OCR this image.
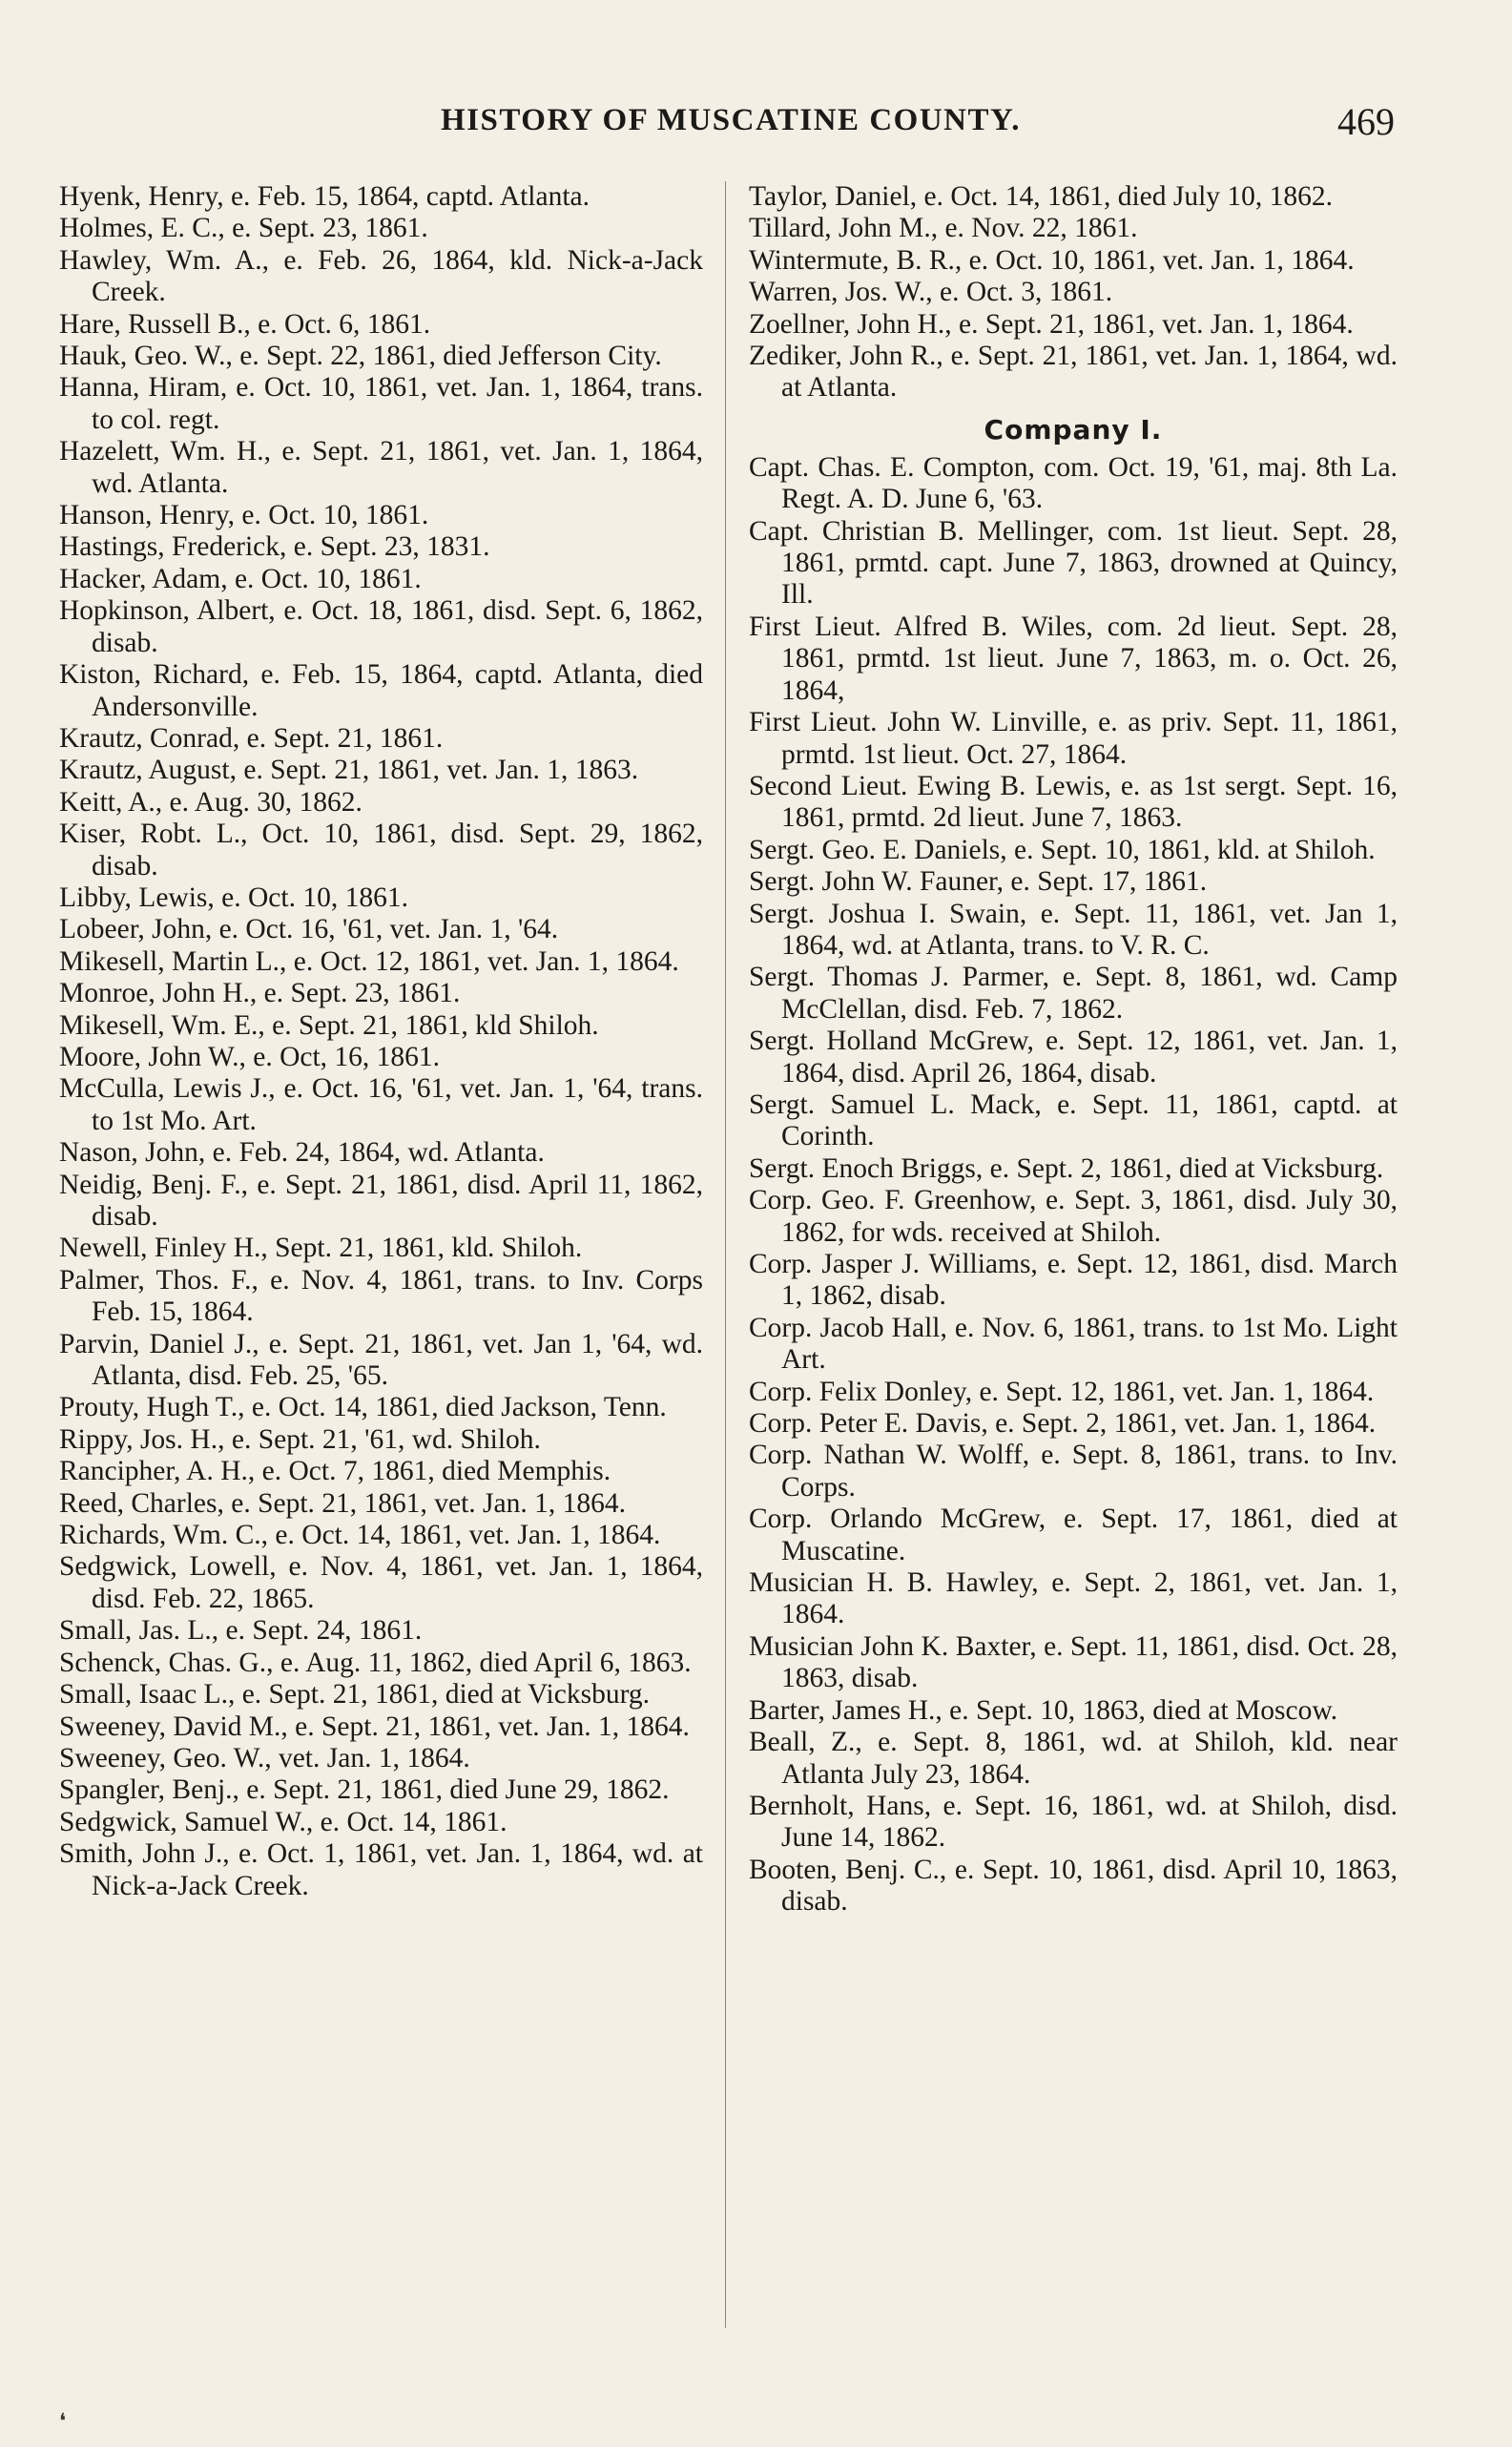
HISTORY OF MUSCATINE COUNTY.	469

Hyenk, Henry, e. Feb. 15, 1864, captd. Atlanta.

Holmes, E. C., e. Sept. 23, 1861.

Hawley, Wm. A., e. Feb. 26, 1864, kld. Nick-a-Jack Creek.

Hare, Russell B., e. Oct. 6, 1861.

Hauk, Geo. W., e. Sept. 22, 1861, died Jefferson City.

Hanna, Hiram, e. Oct. 10, 1861, vet. Jan. 1, 1864, trans. to col. regt.

Hazelett, Wm. H., e. Sept. 21, 1861, vet. Jan. 1, 1864, wd. Atlanta.

Hanson, Henry, e. Oct. 10, 1861.

Hastings, Frederick, e. Sept. 23, 1831.

Hacker, Adam, e. Oct. 10, 1861.

Hopkinson, Albert, e. Oct. 18, 1861, disd. Sept. 6, 1862, disab.

Kiston, Richard, e. Feb. 15, 1864, captd. Atlanta, died Andersonville.

Krautz, Conrad, e. Sept. 21, 1861.

Krautz, August, e. Sept. 21, 1861, vet. Jan. 1, 1863.

Keitt, A., e. Aug. 30, 1862.

Kiser, Robt. L., Oct. 10, 1861, disd. Sept. 29, 1862, disab.

Libby, Lewis, e. Oct. 10, 1861.

Lobeer, John, e. Oct. 16, '61, vet. Jan. 1, '64.

Mikesell, Martin L., e. Oct. 12, 1861, vet. Jan. 1, 1864.

Monroe, John H., e. Sept. 23, 1861.

Mikesell, Wm. E., e. Sept. 21, 1861, kld Shiloh.

Moore, John W., e. Oct, 16, 1861.

McCulla, Lewis J., e. Oct. 16, '61, vet. Jan. 1, '64, trans. to 1st Mo. Art.

Nason, John, e. Feb. 24, 1864, wd. Atlanta.

Neidig, Benj. F., e. Sept. 21, 1861, disd. April 11, 1862, disab.

Newell, Finley H., Sept. 21, 1861, kld. Shiloh.

Palmer, Thos. F., e. Nov. 4, 1861, trans. to Inv. Corps Feb. 15, 1864.

Parvin, Daniel J., e. Sept. 21, 1861, vet. Jan 1, '64, wd. Atlanta, disd. Feb. 25, '65.

Prouty, Hugh T., e. Oct. 14, 1861, died Jackson, Tenn.

Rippy, Jos. H., e. Sept. 21, '61, wd. Shiloh.

Rancipher, A. H., e. Oct. 7, 1861, died Memphis.

Reed, Charles, e. Sept. 21, 1861, vet. Jan. 1, 1864.

Richards, Wm. C., e. Oct. 14, 1861, vet. Jan. 1, 1864.

Sedgwick, Lowell, e. Nov. 4, 1861, vet. Jan. 1, 1864, disd. Feb. 22, 1865.

Small, Jas. L., e. Sept. 24, 1861.

Schenck, Chas. G., e. Aug. 11, 1862, died April 6, 1863.

Small, Isaac L., e. Sept. 21, 1861, died at Vicksburg.

Sweeney, David M., e. Sept. 21, 1861, vet. Jan. 1, 1864.

Sweeney, Geo. W., vet. Jan. 1, 1864.

Spangler, Benj., e. Sept. 21, 1861, died June 29, 1862.

Sedgwick, Samuel W., e. Oct. 14, 1861.

Smith, John J., e. Oct. 1, 1861, vet. Jan. 1, 1864, wd. at Nick-a-Jack Creek.

Taylor, Daniel, e. Oct. 14, 1861, died July 10, 1862.

Tillard, John M., e. Nov. 22, 1861.

Wintermute, B. R., e. Oct. 10, 1861, vet. Jan. 1, 1864.

Warren, Jos. W., e. Oct. 3, 1861.

Zoellner, John H., e. Sept. 21, 1861, vet. Jan. 1, 1864.

Zediker, John R., e. Sept. 21, 1861, vet. Jan. 1, 1864, wd. at Atlanta.

Company I.

Capt. Chas. E. Compton, com. Oct. 19, '61, maj. 8th La. Regt. A. D. June 6, '63.

Capt. Christian B. Mellinger, com. 1st lieut. Sept. 28, 1861, prmtd. capt. June 7, 1863, drowned at Quincy, Ill.

First Lieut. Alfred B. Wiles, com. 2d lieut. Sept. 28, 1861, prmtd. 1st lieut. June 7, 1863, m. o. Oct. 26, 1864,

First Lieut. John W. Linville, e. as priv. Sept. 11, 1861, prmtd. 1st lieut. Oct. 27, 1864.

Second Lieut. Ewing B. Lewis, e. as 1st sergt. Sept. 16, 1861, prmtd. 2d lieut. June 7, 1863.

Sergt. Geo. E. Daniels, e. Sept. 10, 1861, kld. at Shiloh.

Sergt. John W. Fauner, e. Sept. 17, 1861.

Sergt. Joshua I. Swain, e. Sept. 11, 1861, vet. Jan 1, 1864, wd. at Atlanta, trans. to V. R. C.

Sergt. Thomas J. Parmer, e. Sept. 8, 1861, wd. Camp McClellan, disd. Feb. 7, 1862.

Sergt. Holland McGrew, e. Sept. 12, 1861, vet. Jan. 1, 1864, disd. April 26, 1864, disab.

Sergt. Samuel L. Mack, e. Sept. 11, 1861, captd. at Corinth.

Sergt. Enoch Briggs, e. Sept. 2, 1861, died at Vicksburg.

Corp. Geo. F. Greenhow, e. Sept. 3, 1861, disd. July 30, 1862, for wds. received at Shiloh.

Corp. Jasper J. Williams, e. Sept. 12, 1861, disd. March 1, 1862, disab.

Corp. Jacob Hall, e. Nov. 6, 1861, trans. to 1st Mo. Light Art.

Corp. Felix Donley, e. Sept. 12, 1861, vet. Jan. 1, 1864.

Corp. Peter E. Davis, e. Sept. 2, 1861, vet. Jan. 1, 1864.

Corp. Nathan W. Wolff, e. Sept. 8, 1861, trans. to Inv. Corps.

Corp. Orlando McGrew, e. Sept. 17, 1861, died at Muscatine.

Musician H. B. Hawley, e. Sept. 2, 1861, vet. Jan. 1, 1864.

Musician John K. Baxter, e. Sept. 11, 1861, disd. Oct. 28, 1863, disab.

Barter, James H., e. Sept. 10, 1863, died at Moscow.

Beall, Z., e. Sept. 8, 1861, wd. at Shiloh, kld. near Atlanta July 23, 1864.

Bernholt, Hans, e. Sept. 16, 1861, wd. at Shiloh, disd. June 14, 1862.

Booten, Benj. C., e. Sept. 10, 1861, disd. April 10, 1863, disab.

❛
